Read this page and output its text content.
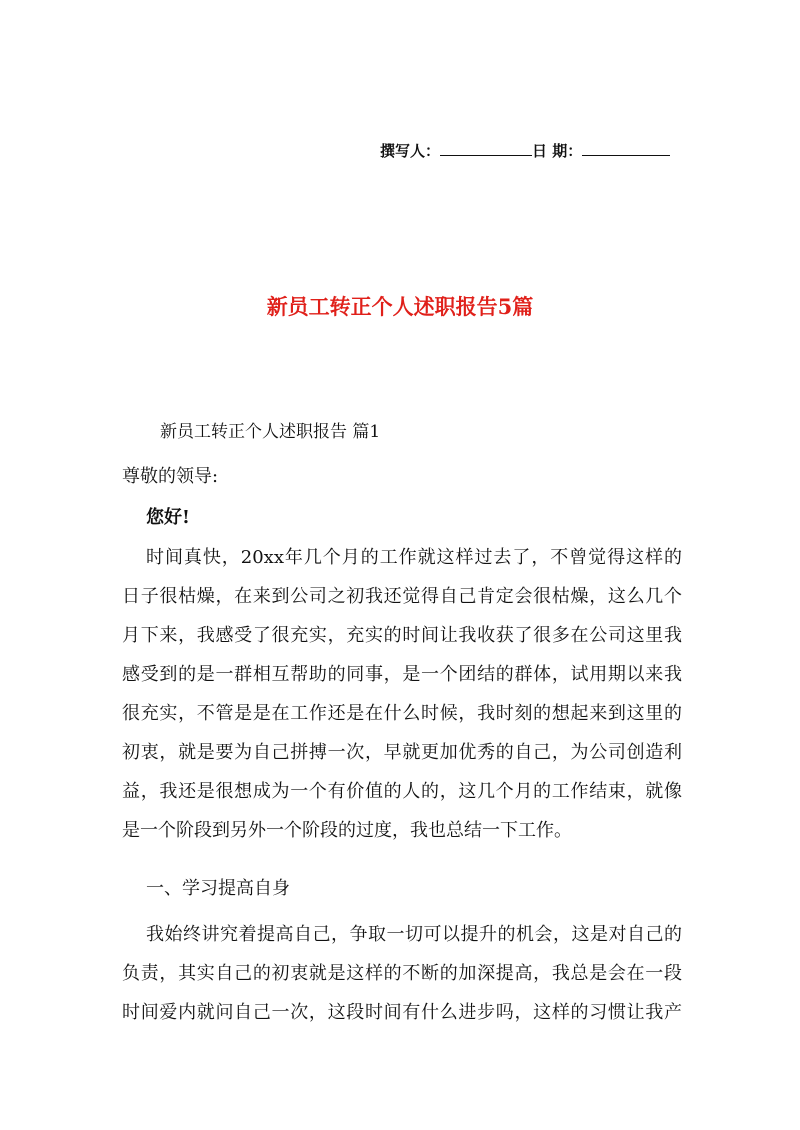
撰写人：	日 期：
新员工转正个人述职报告5篇
新员工转正个人述职报告 篇1
尊敬的领导:
您好!
时间真快，20xx年几个月的工作就这样过去了，不曾觉得这样的
日子很枯燥，在来到公司之初我还觉得自己肯定会很枯燥，这么几个
月下来，我感受了很充实，充实的时间让我收获了很多在公司这里我
感受到的是一群相互帮助的同事，是一个团结的群体，试用期以来我
很充实，不管是是在工作还是在什么时候，我时刻的想起来到这里的
初衷，就是要为自己拼搏一次，早就更加优秀的自己，为公司创造利
益，我还是很想成为一个有价值的人的，这几个月的工作结束，就像
是一个阶段到另外一个阶段的过度，我也总结一下工作。
一、学习提高自身
我始终讲究着提高自己，争取一切可以提升的机会，这是对自己的
负责，其实自己的初衷就是这样的不断的加深提高，我总是会在一段
时间爱内就问自己一次，这段时间有什么进步吗，这样的习惯让我产
